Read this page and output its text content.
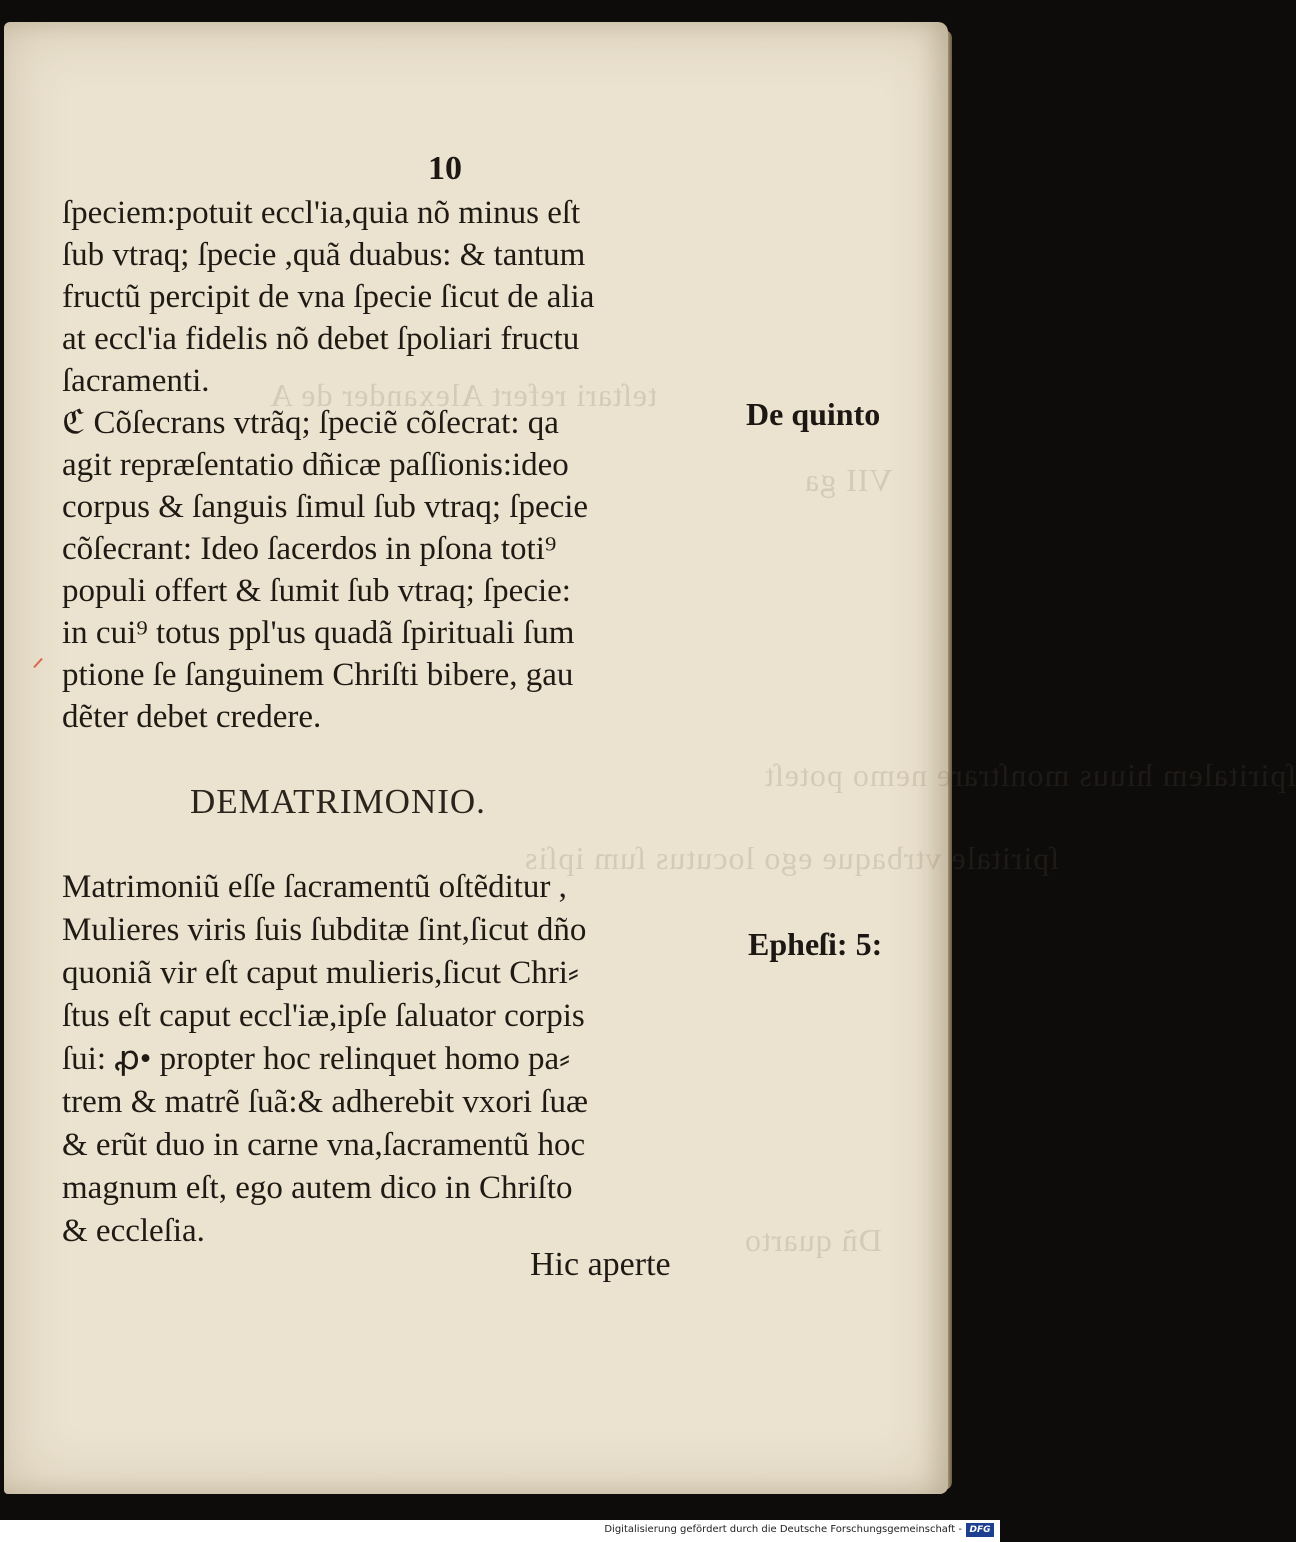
teſtari refert Alexander de A
VII ga
ſpiritalem hiuus monſtrare nemo poteſt
ſpiritale vtrbaque ego locutus ſum ipſis
Dñ quarto
10
ſpeciem:potuit eccl'ia,quia nõ minus eſt
ſub vtraq; ſpecie ,quã duabus: & tantum
fructũ percipit de vna ſpecie ſicut de alia
at eccl'ia fidelis nõ debet ſpoliari fructu
ſacramenti.
ℭ Cõſecrans vtrãq; ſpeciẽ cõſecrat: qa
agit repræſentatio dñicæ paſſionis:ideo
corpus & ſanguis ſimul ſub vtraq; ſpecie
cõſecrant: Ideo ſacerdos in pſona toti⁹
populi offert & ſumit ſub vtraq; ſpecie:
in cui⁹ totus ppl'us quadã ſpirituali ſum
ptione ſe ſanguinem Chriſti bibere, gau
dẽter debet credere.
DEMATRIMONIO.
Matrimoniũ eſſe ſacramentũ oſtẽditur ,
Mulieres viris ſuis ſubditæ ſint,ſicut dño
quoniã vir eſt caput mulieris,ſicut Chri⸗
ſtus eſt caput eccl'iæ,ipſe ſaluator corpis
ſui: ꝓ• propter hoc relinquet homo pa⸗
trem & matrẽ ſuã:& adherebit vxori ſuæ
& erũt duo in carne vna,ſacramentũ hoc
magnum eſt, ego autem dico in Chriſto
& eccleſia.
Hic aperte
De quinto
Epheſi: 5:
Digitalisierung gefördert durch die Deutsche Forschungsgemeinschaft - DFG
